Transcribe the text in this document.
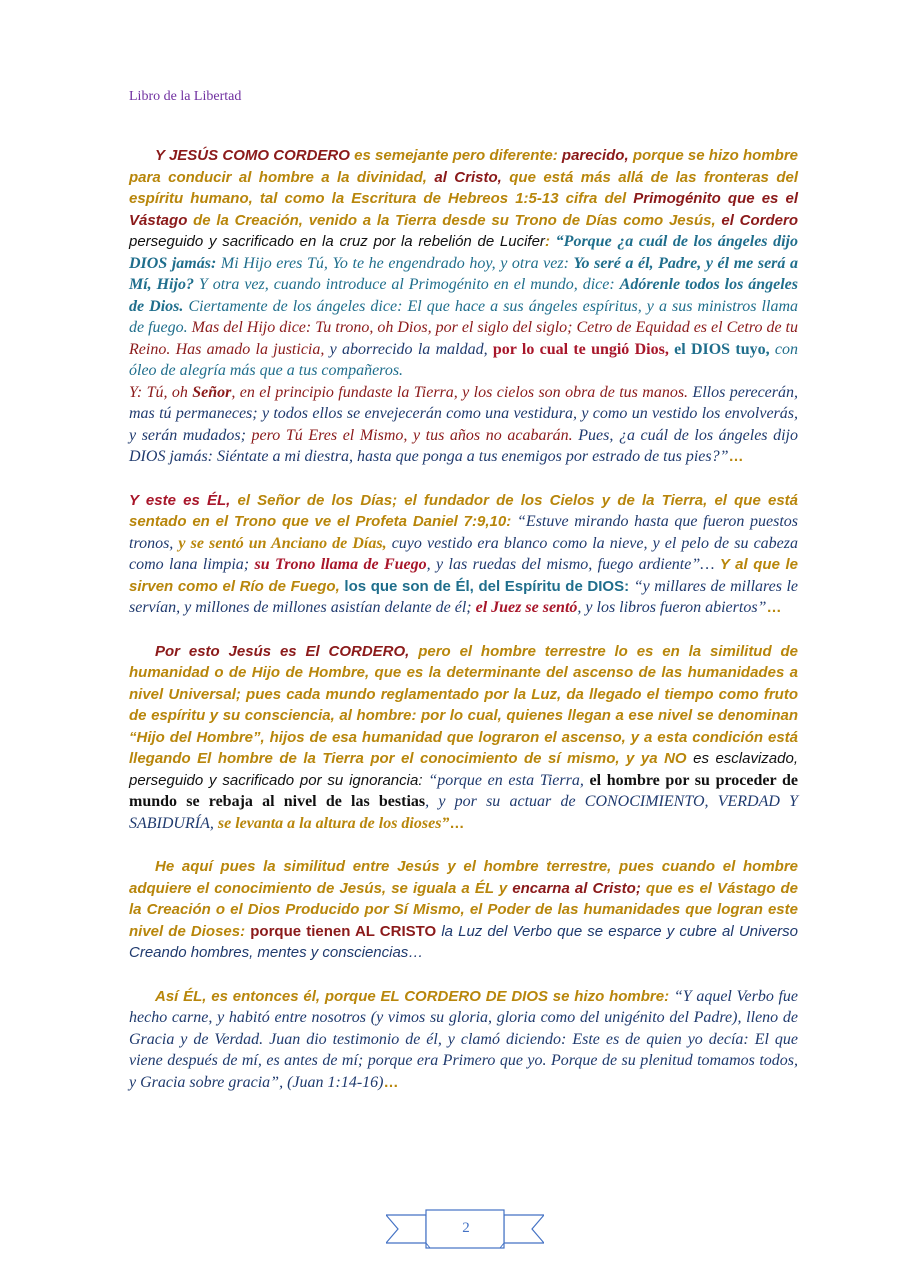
Libro de la Libertad

Y JESÚS COMO CORDERO es semejante pero diferente: parecido, porque se hizo hombre para conducir al hombre a la divinidad, al Cristo, que está más allá de las fronteras del espíritu humano, tal como la Escritura de Hebreos 1:5-13 cifra del Primogénito que es el Vástago de la Creación, venido a la Tierra desde su Trono de Días como Jesús, el Cordero perseguido y sacrificado en la cruz por la rebelión de Lucifer: “Porque ¿a cuál de los ángeles dijo DIOS jamás: Mi Hijo eres Tú, Yo te he engendrado hoy, y otra vez: Yo seré a él, Padre, y él me será a Mí, Hijo? Y otra vez, cuando introduce al Primogénito en el mundo, dice: Adórenle todos los ángeles de Dios. Ciertamente de los ángeles dice: El que hace a sus ángeles espíritus, y a sus ministros llama de fuego. Mas del Hijo dice: Tu trono, oh Dios, por el siglo del siglo; Cetro de Equidad es el Cetro de tu Reino. Has amado la justicia, y aborrecido la maldad, por lo cual te ungió Dios, el DIOS tuyo, con óleo de alegría más que a tus compañeros.

Y: Tú, oh Señor, en el principio fundaste la Tierra, y los cielos son obra de tus manos. Ellos perecerán, mas tú permaneces; y todos ellos se envejecerán como una vestidura, y como un vestido los envolverás, y serán mudados; pero Tú Eres el Mismo, y tus años no acabarán. Pues, ¿a cuál de los ángeles dijo DIOS jamás: Siéntate a mi diestra, hasta que ponga a tus enemigos por estrado de tus pies?”…

Y este es ÉL, el Señor de los Días; el fundador de los Cielos y de la Tierra, el que está sentado en el Trono que ve el Profeta Daniel 7:9,10: “Estuve mirando hasta que fueron puestos tronos, y se sentó un Anciano de Días, cuyo vestido era blanco como la nieve, y el pelo de su cabeza como lana limpia; su Trono llama de Fuego, y las ruedas del mismo, fuego ardiente”… Y al que le sirven como el Río de Fuego, los que son de Él, del Espíritu de DIOS: “y millares de millares le servían, y millones de millones asistían delante de él; el Juez se sentó, y los libros fueron abiertos”…

Por esto Jesús es El CORDERO, pero el hombre terrestre lo es en la similitud de humanidad o de Hijo de Hombre, que es la determinante del ascenso de las humanidades a nivel Universal; pues cada mundo reglamentado por la Luz, da llegado el tiempo como fruto de espíritu y su consciencia, al hombre: por lo cual, quienes llegan a ese nivel se denominan “Hijo del Hombre”, hijos de esa humanidad que lograron el ascenso, y a esta condición está llegando El hombre de la Tierra por el conocimiento de sí mismo, y ya NO es esclavizado, perseguido y sacrificado por su ignorancia: “porque en esta Tierra, el hombre por su proceder de mundo se rebaja al nivel de las bestias, y por su actuar de CONOCIMIENTO, VERDAD Y SABIDURÍA, se levanta a la altura de los dioses”…

He aquí pues la similitud entre Jesús y el hombre terrestre, pues cuando el hombre adquiere el conocimiento de Jesús, se iguala a ÉL y encarna al Cristo; que es el Vástago de la Creación o el Dios Producido por Sí Mismo, el Poder de las humanidades que logran este nivel de Dioses: porque tienen AL CRISTO la Luz del Verbo que se esparce y cubre al Universo Creando hombres, mentes y consciencias…

Así ÉL, es entonces él, porque EL CORDERO DE DIOS se hizo hombre: “Y aquel Verbo fue hecho carne, y habitó entre nosotros (y vimos su gloria, gloria como del unigénito del Padre), lleno de Gracia y de Verdad. Juan dio testimonio de él, y clamó diciendo: Este es de quien yo decía: El que viene después de mí, es antes de mí; porque era Primero que yo. Porque de su plenitud tomamos todos, y Gracia sobre gracia”, (Juan 1:14-16)…

2
